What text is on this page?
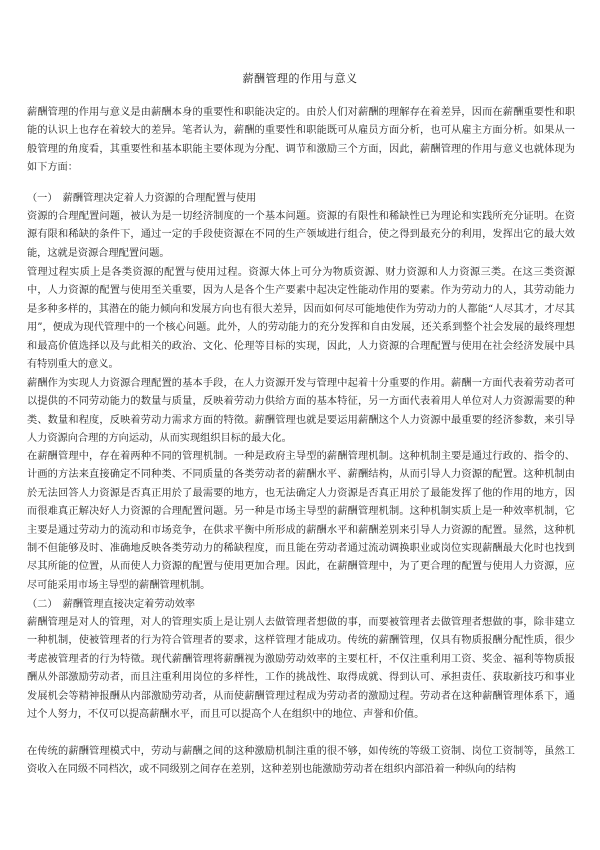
薪酬管理的作用与意义

薪酬管理的作用与意义是由薪酬本身的重要性和职能决定的。由於人们对薪酬的理解存在着差异，因而在薪酬重要性和职能的认识上也存在着较大的差异。笔者认为，薪酬的重要性和职能既可从雇员方面分析，也可从雇主方面分析。如果从一般管理的角度看，其重要性和基本职能主要体现为分配、调节和激励三个方面，因此，薪酬管理的作用与意义也就体现为如下方面：

（一）　薪酬管理决定着人力资源的合理配置与使用

资源的合理配置问题，被认为是一切经济制度的一个基本问题。资源的有限性和稀缺性已为理论和实践所充分证明。在资源有限和稀缺的条件下，通过一定的手段使资源在不同的生产领域进行组合，使之得到最充分的利用，发挥出它的最大效能，这就是资源合理配置问题。

管理过程实质上是各类资源的配置与使用过程。资源大体上可分为物质资源、财力资源和人力资源三类。在这三类资源中，人力资源的配置与使用至关重要，因为人是各个生产要素中起决定性能动作用的要素。作为劳动力的人，其劳动能力是多种多样的，其潜在的能力倾向和发展方向也有很大差异，因而如何尽可能地使作为劳动力的人都能“人尽其才，才尽其用”，便成为现代管理中的一个核心问题。此外，人的劳动能力的充分发挥和自由发展，还关系到整个社会发展的最终理想和最高价值选择以及与此相关的政治、文化、伦理等目标的实现，因此，人力资源的合理配置与使用在社会经济发展中具有特别重大的意义。

薪酬作为实现人力资源合理配置的基本手段，在人力资源开发与管理中起着十分重要的作用。薪酬一方面代表着劳动者可以提供的不同劳动能力的数量与质量，反映着劳动力供给方面的基本特征，另一方面代表着用人单位对人力资源需要的种类、数量和程度，反映着劳动力需求方面的特徵。薪酬管理也就是要运用薪酬这个人力资源中最重要的经济参数，来引导人力资源向合理的方向运动，从而实现组织目标的最大化。

在薪酬管理中，存在着两种不同的管理机制。一种是政府主导型的薪酬管理机制。这种机制主要是通过行政的、指令的、计画的方法来直接确定不同种类、不同质量的各类劳动者的薪酬水平、薪酬结构，从而引导人力资源的配置。这种机制由於无法回答人力资源是否真正用於了最需要的地方，也无法确定人力资源是否真正用於了最能发挥了他的作用的地方，因而很难真正解决好人力资源的合理配置问题。另一种是市场主导型的薪酬管理机制。这种机制实质上是一种效率机制，它主要是通过劳动力的流动和市场竞争，在供求平衡中所形成的薪酬水平和薪酬差别来引导人力资源的配置。显然，这种机制不但能够及时、准确地反映各类劳动力的稀缺程度，而且能在劳动者通过流动调换职业或岗位实现薪酬最大化时也找到尽其所能的位置，从而使人力资源的配置与使用更加合理。因此，在薪酬管理中，为了更合理的配置与使用人力资源，应尽可能采用市场主导型的薪酬管理机制。

（二）　薪酬管理直接决定着劳动效率

薪酬管理是对人的管理，对人的管理实质上是让别人去做管理者想做的事，而要被管理者去做管理者想做的事，除非建立一种机制，使被管理者的行为符合管理者的要求，这样管理才能成功。传统的薪酬管理，仅具有物质报酬分配性质，很少考虑被管理者的行为特徵。现代薪酬管理将薪酬视为激励劳动效率的主要杠杆，不仅注重利用工资、奖金、福利等物质报酬从外部激励劳动者，而且注重利用岗位的多样性，工作的挑战性、取得成就、得到认可、承担责任、获取新技巧和事业发展机会等精神报酬从内部激励劳动者，从而使薪酬管理过程成为劳动者的激励过程。劳动者在这种薪酬管理体系下，通过个人努力，不仅可以提高薪酬水平，而且可以提高个人在组织中的地位、声誉和价值。

在传统的薪酬管理模式中，劳动与薪酬之间的这种激励机制注重的很不够，如传统的等级工资制、岗位工资制等，虽然工资收入在同级不同档次，或不同级别之间存在差别，这种差别也能激励劳动者在组织内部沿着一种纵向的结构
